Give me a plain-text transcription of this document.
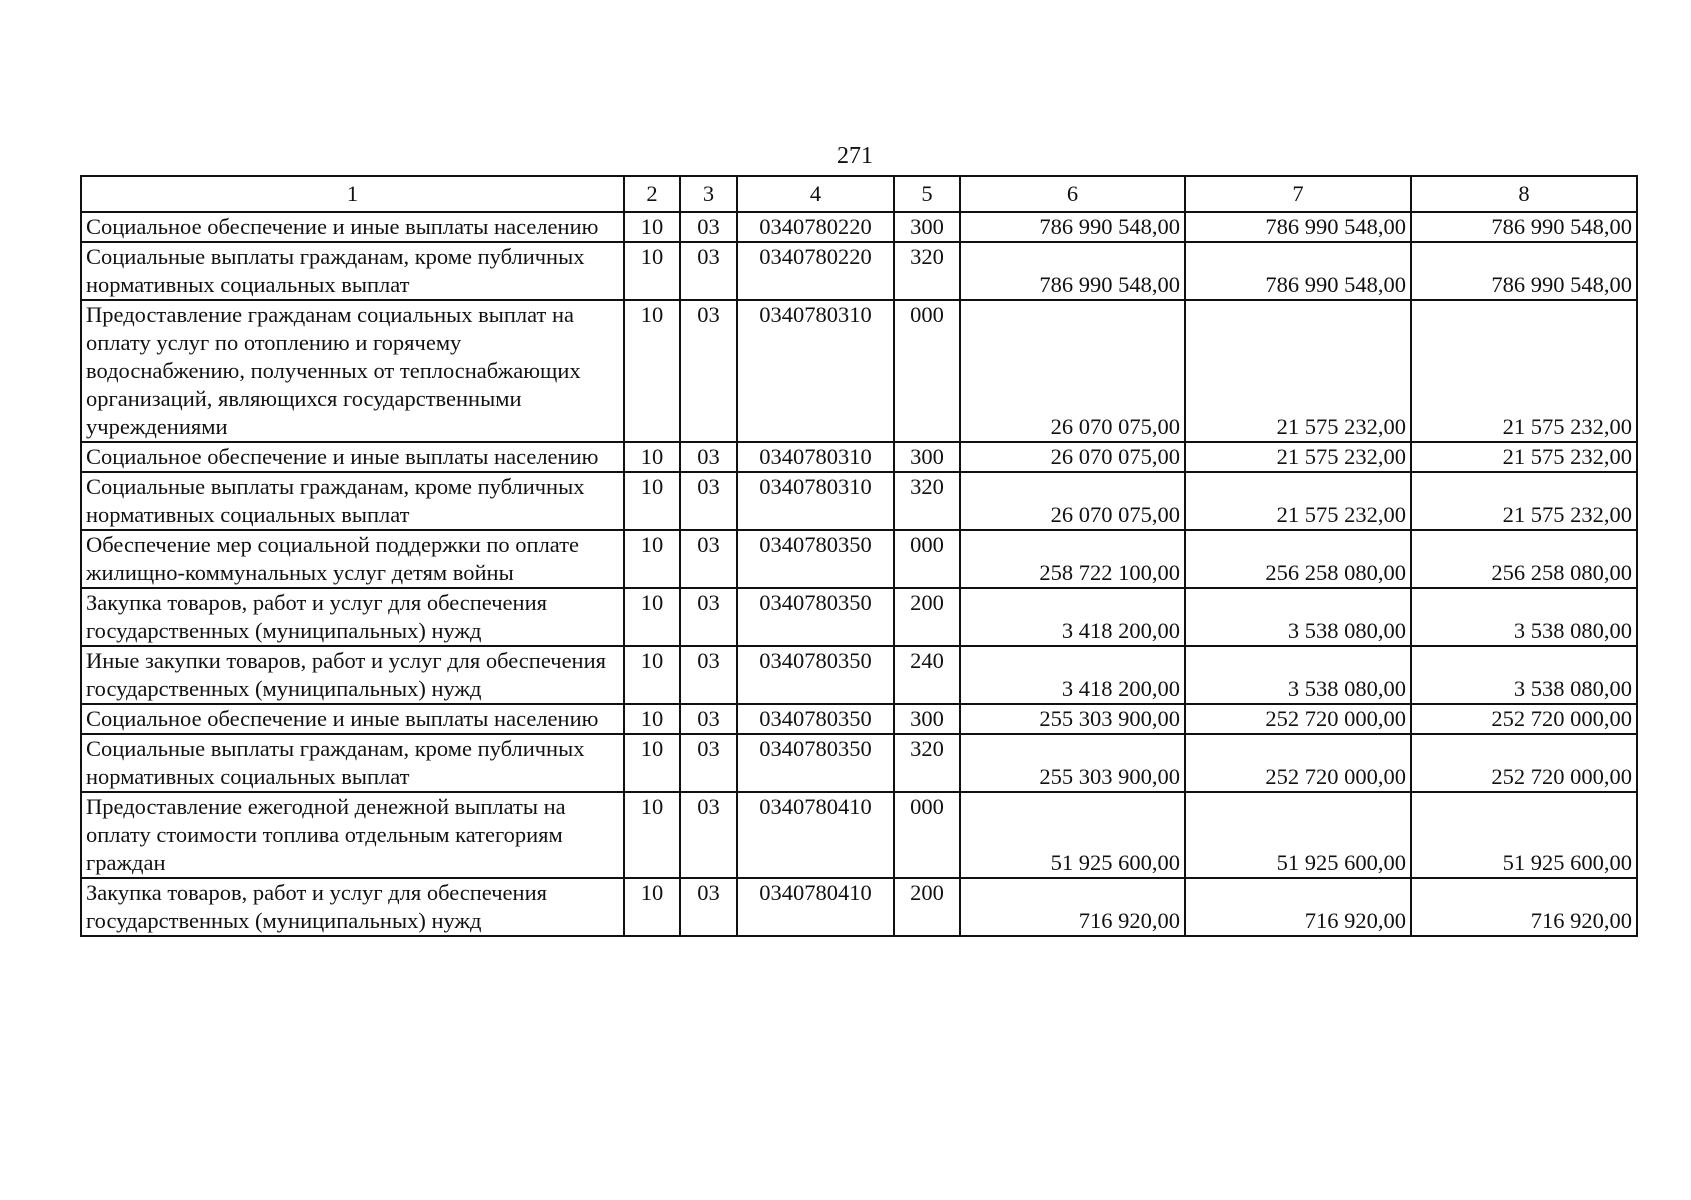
271
1	2	3	4	5	6	7	8
Социальное обеспечение и иные выплаты населению	10	03	0340780220	300	786 990 548,00	786 990 548,00	786 990 548,00
Социальные выплаты гражданам, кроме публичных нормативных социальных выплат	10	03	0340780220	320	786 990 548,00	786 990 548,00	786 990 548,00
Предоставление гражданам социальных выплат на оплату услуг по отоплению и горячему водоснабжению, полученных от теплоснабжающих организаций, являющихся государственными учреждениями	10	03	0340780310	000	26 070 075,00	21 575 232,00	21 575 232,00
Социальное обеспечение и иные выплаты населению	10	03	0340780310	300	26 070 075,00	21 575 232,00	21 575 232,00
Социальные выплаты гражданам, кроме публичных нормативных социальных выплат	10	03	0340780310	320	26 070 075,00	21 575 232,00	21 575 232,00
Обеспечение мер социальной поддержки по оплате жилищно-коммунальных услуг детям войны	10	03	0340780350	000	258 722 100,00	256 258 080,00	256 258 080,00
Закупка товаров, работ и услуг для обеспечения государственных (муниципальных) нужд	10	03	0340780350	200	3 418 200,00	3 538 080,00	3 538 080,00
Иные закупки товаров, работ и услуг для обеспечения государственных (муниципальных) нужд	10	03	0340780350	240	3 418 200,00	3 538 080,00	3 538 080,00
Социальное обеспечение и иные выплаты населению	10	03	0340780350	300	255 303 900,00	252 720 000,00	252 720 000,00
Социальные выплаты гражданам, кроме публичных нормативных социальных выплат	10	03	0340780350	320	255 303 900,00	252 720 000,00	252 720 000,00
Предоставление ежегодной денежной выплаты на оплату стоимости топлива отдельным категориям граждан	10	03	0340780410	000	51 925 600,00	51 925 600,00	51 925 600,00
Закупка товаров, работ и услуг для обеспечения государственных (муниципальных) нужд	10	03	0340780410	200	716 920,00	716 920,00	716 920,00
